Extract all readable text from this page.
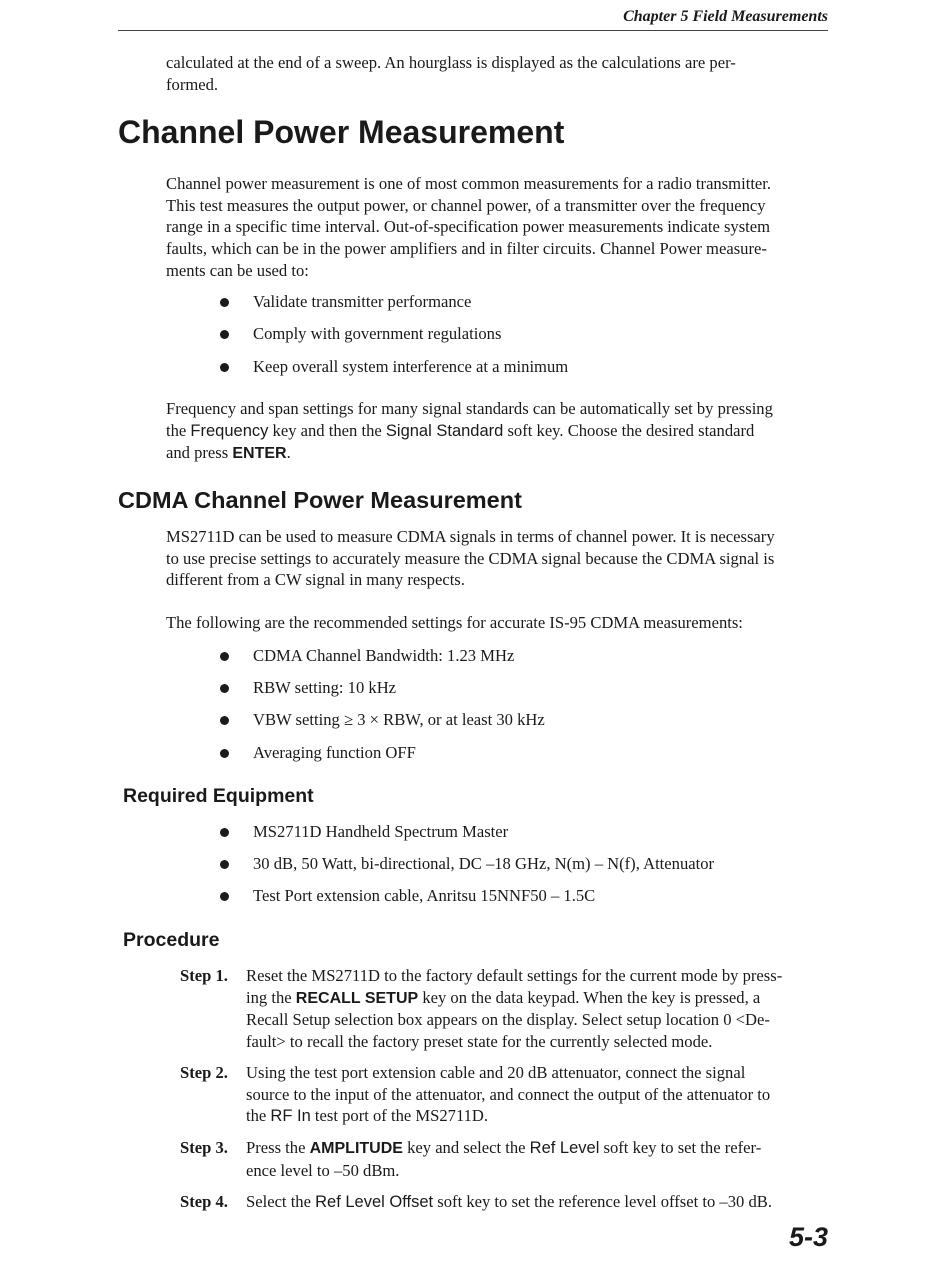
Chapter 5 Field Measurements
calculated at the end of a sweep. An hourglass is displayed as the calculations are per-
formed.
Channel Power Measurement
Channel power measurement is one of most common measurements for a radio transmitter.
This test measures the output power, or channel power, of a transmitter over the frequency
range in a specific time interval. Out-of-specification power measurements indicate system
faults, which can be in the power amplifiers and in filter circuits. Channel Power measure-
ments can be used to:
Validate transmitter performance
Comply with government regulations
Keep overall system interference at a minimum
Frequency and span settings for many signal standards can be automatically set by pressing
the Frequency key and then the Signal Standard soft key. Choose the desired standard
and press ENTER.
CDMA Channel Power Measurement
MS2711D can be used to measure CDMA signals in terms of channel power. It is necessary
to use precise settings to accurately measure the CDMA signal because the CDMA signal is
different from a CW signal in many respects.
The following are the recommended settings for accurate IS-95 CDMA measurements:
CDMA Channel Bandwidth: 1.23 MHz
RBW setting: 10 kHz
VBW setting ≥ 3 × RBW, or at least 30 kHz
Averaging function OFF
Required Equipment
MS2711D Handheld Spectrum Master
30 dB, 50 Watt, bi-directional, DC –18 GHz, N(m) – N(f), Attenuator
Test Port extension cable, Anritsu 15NNF50 – 1.5C
Procedure
Step 1. Reset the MS2711D to the factory default settings for the current mode by press-
ing the RECALL SETUP key on the data keypad. When the key is pressed, a
Recall Setup selection box appears on the display. Select setup location 0 <De-
fault> to recall the factory preset state for the currently selected mode.
Step 2. Using the test port extension cable and 20 dB attenuator, connect the signal
source to the input of the attenuator, and connect the output of the attenuator to
the RF In test port of the MS2711D.
Step 3. Press the AMPLITUDE key and select the Ref Level soft key to set the refer-
ence level to –50 dBm.
Step 4. Select the Ref Level Offset soft key to set the reference level offset to –30 dB.
5-3
